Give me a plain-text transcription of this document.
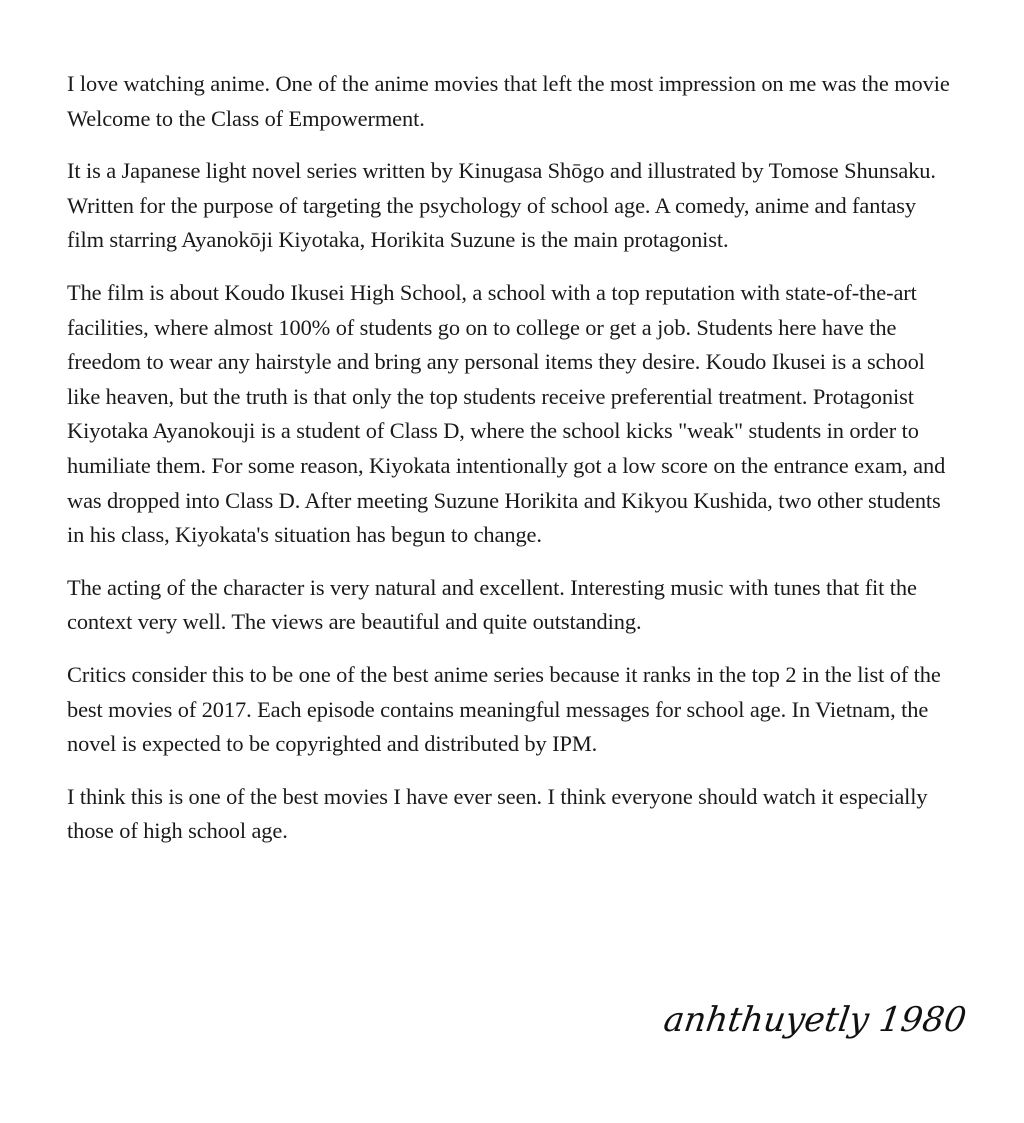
I love watching anime. One of the anime movies that left the most impression on me was the movie Welcome to the Class of Empowerment.

It is a Japanese light novel series written by Kinugasa Shōgo and illustrated by Tomose Shunsaku. Written for the purpose of targeting the psychology of school age. A comedy, anime and fantasy film starring Ayanokōji Kiyotaka, Horikita Suzune is the main protagonist.

The film is about Koudo Ikusei High School, a school with a top reputation with state-of-the-art facilities, where almost 100% of students go on to college or get a job. Students here have the freedom to wear any hairstyle and bring any personal items they desire. Koudo Ikusei is a school like heaven, but the truth is that only the top students receive preferential treatment. Protagonist Kiyotaka Ayanokouji is a student of Class D, where the school kicks "weak" students in order to humiliate them. For some reason, Kiyokata intentionally got a low score on the entrance exam, and was dropped into Class D. After meeting Suzune Horikita and Kikyou Kushida, two other students in his class, Kiyokata's situation has begun to change.

The acting of the character is very natural and excellent. Interesting music with tunes that fit the context very well. The views are beautiful and quite outstanding.

Critics consider this to be one of the best anime series because it ranks in the top 2 in the list of the best movies of 2017. Each episode contains meaningful messages for school age. In Vietnam, the novel is expected to be copyrighted and distributed by IPM.

I think this is one of the best movies I have ever seen. I think everyone should watch it especially those of high school age.

anhthuyetly 1980
